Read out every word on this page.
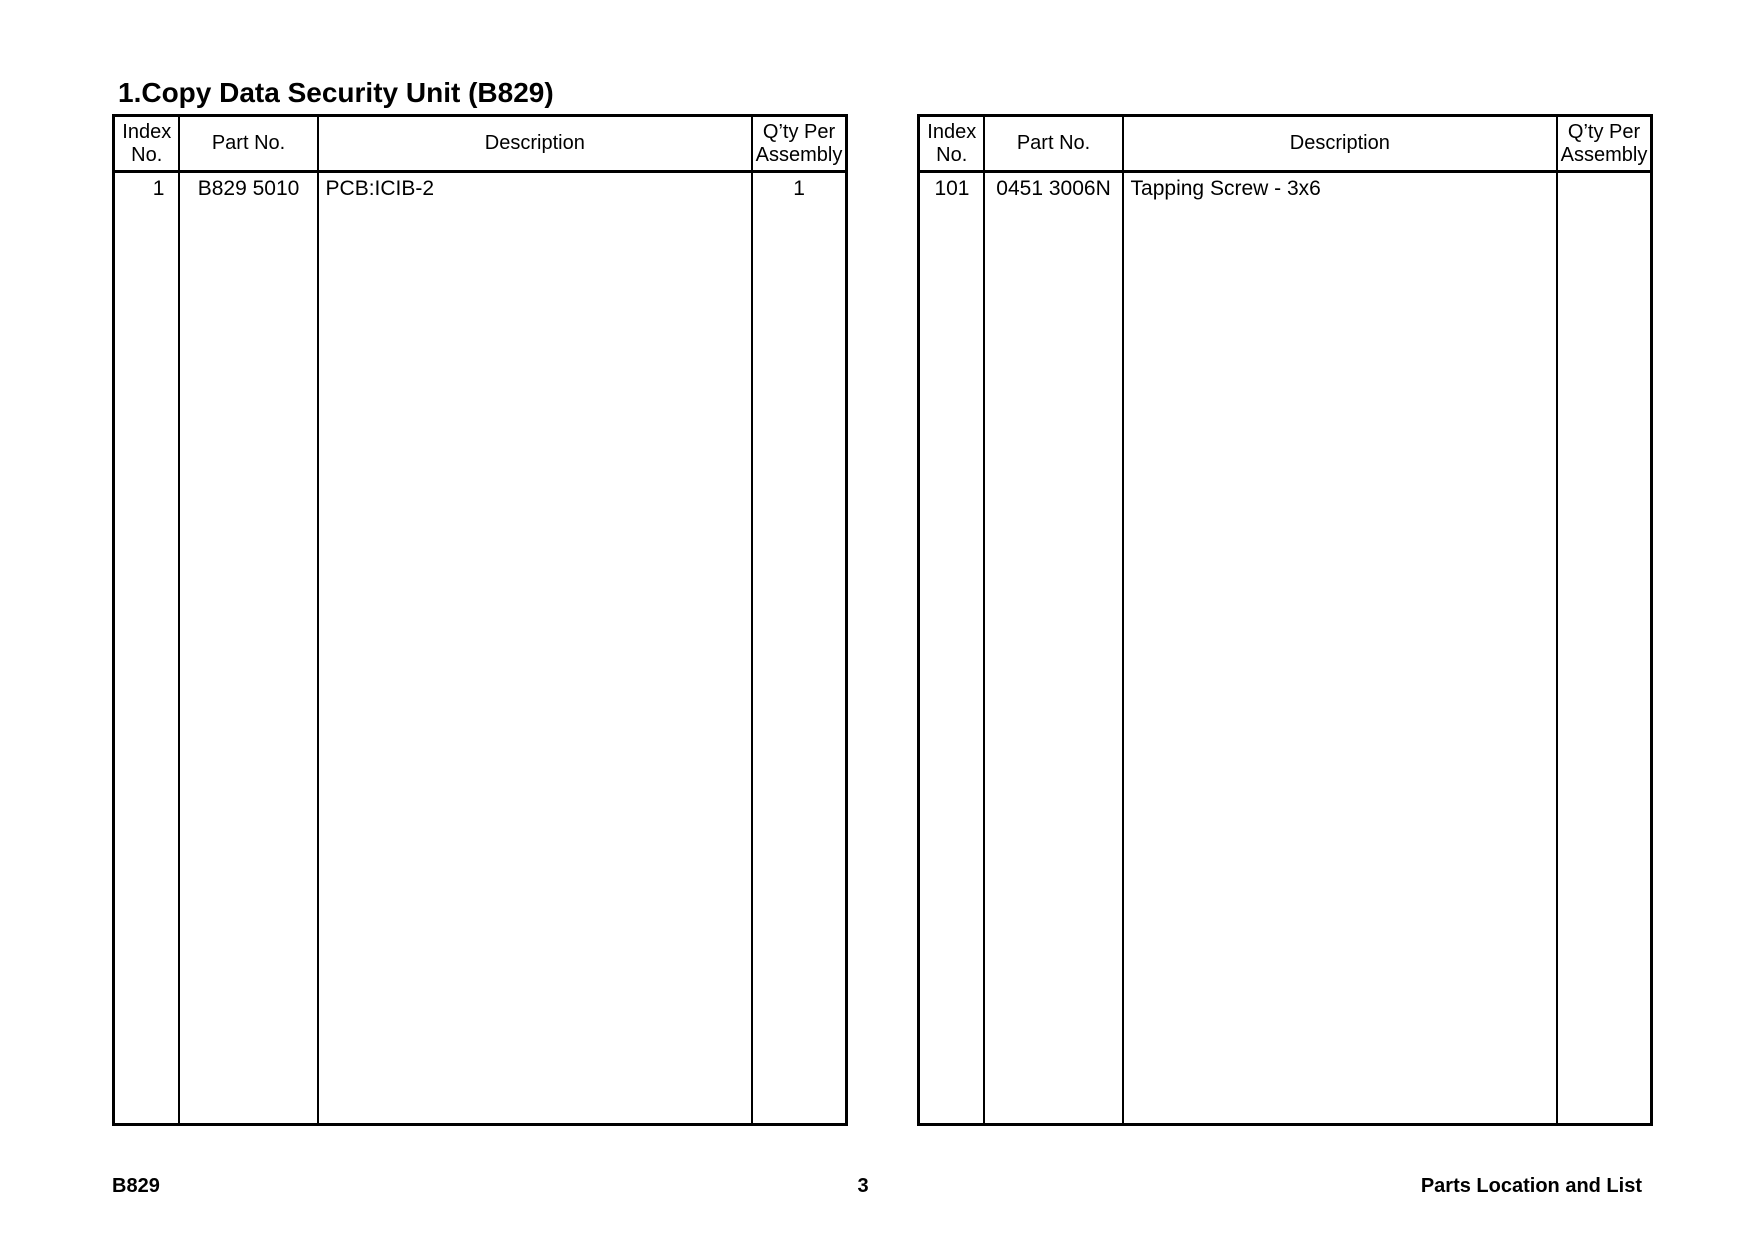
1.Copy Data Security Unit (B829)
Index No.	Part No.	Description	Q’ty Per Assembly
1	B829 5010	PCB:ICIB-2	1

Index No.	Part No.	Description	Q’ty Per Assembly
101	0451 3006N	Tapping Screw - 3x6	

B829	3	Parts Location and List
